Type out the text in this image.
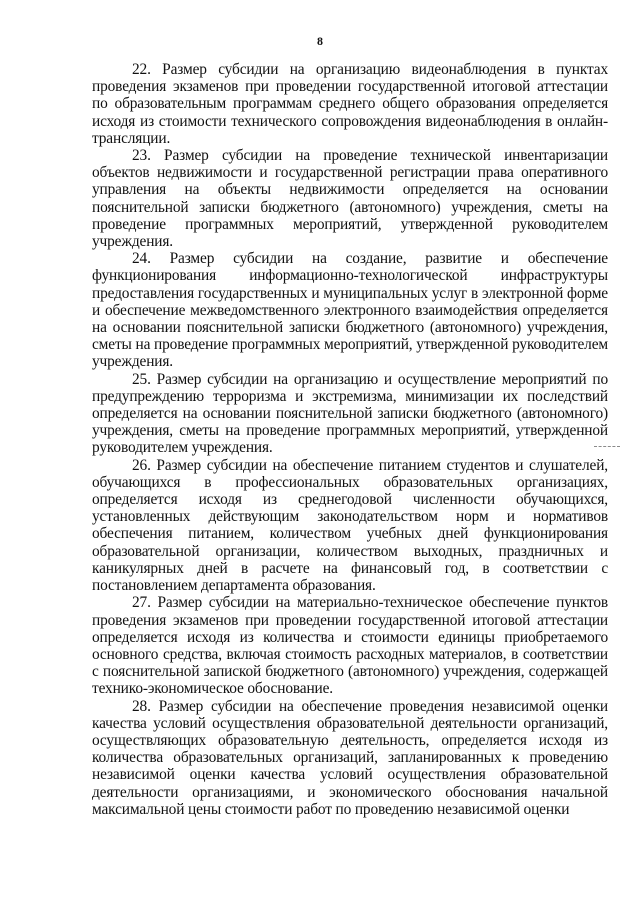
8

22. Размер субсидии на организацию видеонаблюдения в пунктах проведения экзаменов при проведении государственной итоговой аттестации по образовательным программам среднего общего образования определяется исходя из стоимости технического сопровождения видеонаблюдения в онлайн-трансляции.

23. Размер субсидии на проведение технической инвентаризации объектов недвижимости и государственной регистрации права оперативного управления на объекты недвижимости определяется на основании пояснительной записки бюджетного (автономного) учреждения, сметы на проведение программных мероприятий, утвержденной руководителем учреждения.

24. Размер субсидии на создание, развитие и обеспечение функционирования информационно-технологической инфраструктуры предоставления государственных и муниципальных услуг в электронной форме и обеспечение межведомственного электронного взаимодействия определяется на основании пояснительной записки бюджетного (автономного) учреждения, сметы на проведение программных мероприятий, утвержденной руководителем учреждения.

25. Размер субсидии на организацию и осуществление мероприятий по предупреждению терроризма и экстремизма, минимизации их последствий определяется на основании пояснительной записки бюджетного (автономного) учреждения, сметы на проведение программных мероприятий, утвержденной руководителем учреждения.

26. Размер субсидии на обеспечение питанием студентов и слушателей, обучающихся в профессиональных образовательных организациях, определяется исходя из среднегодовой численности обучающихся, установленных действующим законодательством норм и нормативов обеспечения питанием, количеством учебных дней функционирования образовательной организации, количеством выходных, праздничных и каникулярных дней в расчете на финансовый год, в соответствии с постановлением департамента образования.

27. Размер субсидии на материально-техническое обеспечение пунктов проведения экзаменов при проведении государственной итоговой аттестации определяется исходя из количества и стоимости единицы приобретаемого основного средства, включая стоимость расходных материалов, в соответствии с пояснительной запиской бюджетного (автономного) учреждения, содержащей технико-экономическое обоснование.

28. Размер субсидии на обеспечение проведения независимой оценки качества условий осуществления образовательной деятельности организаций, осуществляющих образовательную деятельность, определяется исходя из количества образовательных организаций, запланированных к проведению независимой оценки качества условий осуществления образовательной деятельности организациями, и экономического обоснования начальной максимальной цены стоимости работ по проведению независимой оценки
